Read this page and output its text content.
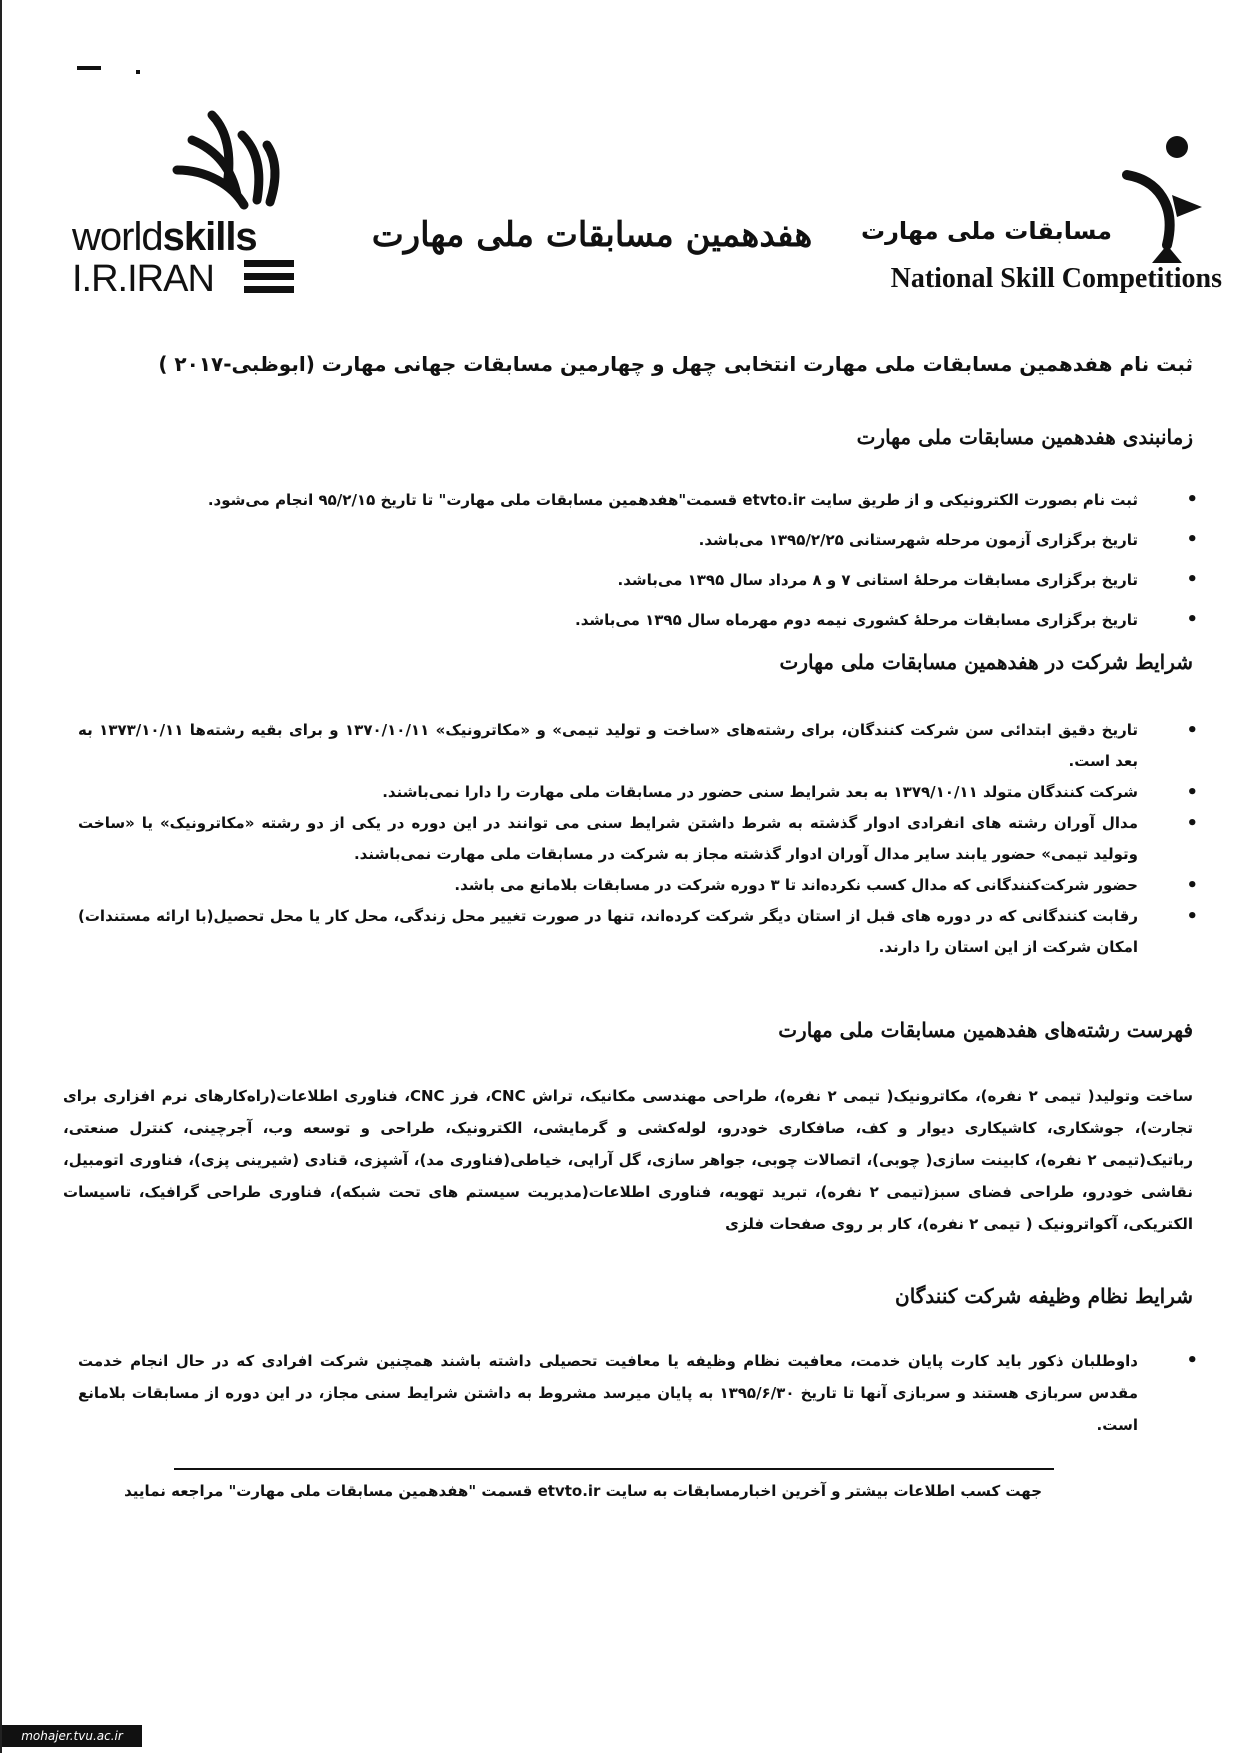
worldskills
I.R.IRAN
هفدهمین مسابقات ملی مهارت	مسابقات ملی مهارت
National Skill Competitions
ثبت نام هفدهمین مسابقات ملی مهارت انتخابی چهل و چهارمین مسابقات جهانی مهارت (ابوظبی-۲۰۱۷ )
زمانبندی هفدهمین مسابقات ملی مهارت
• ثبت نام بصورت الکترونیکی و از طریق سایت etvto.ir قسمت"هفدهمین مسابقات ملی مهارت" تا تاریخ ۹۵/۲/۱۵ انجام می‌شود.
• تاریخ برگزاری آزمون مرحله شهرستانی ۱۳۹۵/۲/۲۵ می‌باشد.
• تاریخ برگزاری مسابقات مرحلهٔ استانی ۷ و ۸ مرداد سال ۱۳۹۵ می‌باشد.
• تاریخ برگزاری مسابقات مرحلهٔ کشوری نیمه دوم مهرماه سال ۱۳۹۵ می‌باشد.
شرایط شرکت در هفدهمین مسابقات ملی مهارت
• تاریخ دقیق ابتدائی سن شرکت کنندگان، برای رشته‌های «ساخت و تولید تیمی» و «مکاترونیک» ۱۳۷۰/۱۰/۱۱ و برای بقیه رشته‌ها ۱۳۷۳/۱۰/۱۱ به بعد است.
• شرکت کنندگان متولد ۱۳۷۹/۱۰/۱۱ به بعد شرایط سنی حضور در مسابقات ملی مهارت را دارا نمی‌باشند.
• مدال آوران رشته های انفرادی ادوار گذشته به شرط داشتن شرایط سنی می توانند در این دوره در یکی از دو رشته «مکاترونیک» یا «ساخت وتولید تیمی» حضور یابند سایر مدال آوران ادوار گذشته مجاز به شرکت در مسابقات ملی مهارت نمی‌باشند.
• حضور شرکت‌کنندگانی که مدال کسب نکرده‌اند تا ۳ دوره شرکت در مسابقات بلامانع می باشد.
• رقابت کنندگانی که در دوره های قبل از استان دیگر شرکت کرده‌اند، تنها در صورت تغییر محل زندگی، محل کار یا محل تحصیل(با ارائه مستندات) امکان شرکت از این استان را دارند.
فهرست رشته‌های هفدهمین مسابقات ملی مهارت
ساخت وتولید( تیمی ۲ نفره)، مکاترونیک( تیمی ۲ نفره)، طراحی مهندسی مکانیک، تراش CNC، فرز CNC، فناوری اطلاعات(راه‌کارهای نرم افزاری برای تجارت)، جوشکاری، کاشیکاری دیوار و کف، صافکاری خودرو، لوله‌کشی و گرمایشی، الکترونیک، طراحی و توسعه وب، آجرچینی، کنترل صنعتی، رباتیک(تیمی ۲ نفره)، کابینت سازی( چوبی)، اتصالات چوبی، جواهر سازی، گل آرایی، خیاطی(فناوری مد)، آشپزی، قنادی (شیرینی پزی)، فناوری اتومبیل، نقاشی خودرو، طراحی فضای سبز(تیمی ۲ نفره)، تبرید تهویه، فناوری اطلاعات(مدیریت سیستم های تحت شبکه)، فناوری طراحی گرافیک، تاسیسات الکتریکی، آکواترونیک ( تیمی ۲ نفره)، کار بر روی صفحات فلزی
شرایط نظام وظیفه شرکت کنندگان
• داوطلبان ذکور باید کارت پایان خدمت، معافیت نظام وظیفه یا معافیت تحصیلی داشته باشند همچنین شرکت افرادی که در حال انجام خدمت مقدس سربازی هستند و سربازی آنها تا تاریخ ۱۳۹۵/۶/۳۰ به پایان میرسد مشروط به داشتن شرایط سنی مجاز، در این دوره از مسابقات بلامانع است.
جهت کسب اطلاعات بیشتر و آخرین اخبارمسابقات به سایت etvto.ir قسمت "هفدهمین مسابقات ملی مهارت" مراجعه نمایید
mohajer.tvu.ac.ir
